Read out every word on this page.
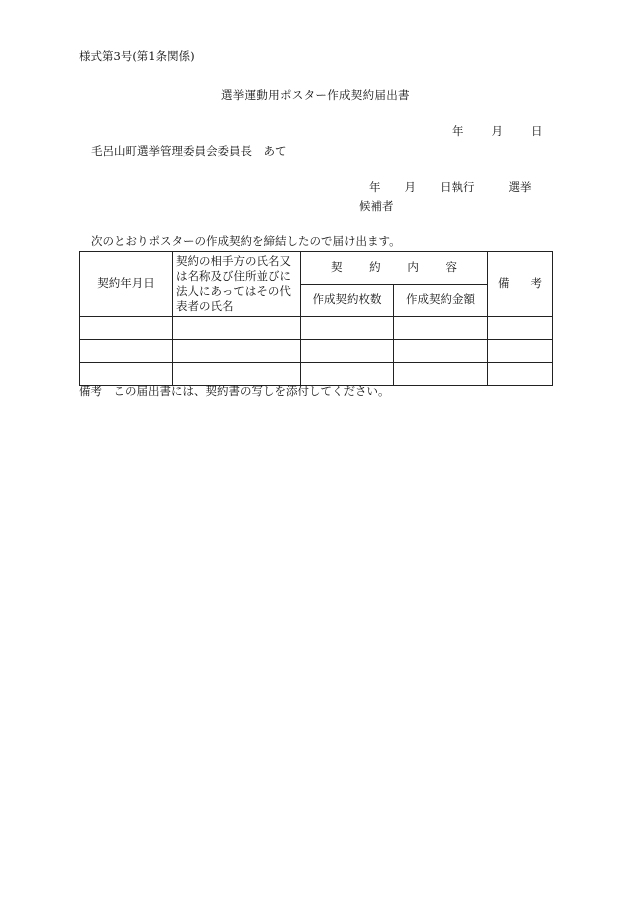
様式第3号(第1条関係)
選挙運動用ポスター作成契約届出書
年 月 日
毛呂山町選挙管理委員会委員長　あて
年 月 日執行	選挙
候補者
次のとおりポスターの作成契約を締結したので届け出ます。
契約年月日	契約の相手方の氏名又は名称及び住所並びに法人にあってはその代表者の氏名	契 約 内 容		備 考

		作成契約枚数	作成契約金額	

備考　この届出書には、契約書の写しを添付してください。
